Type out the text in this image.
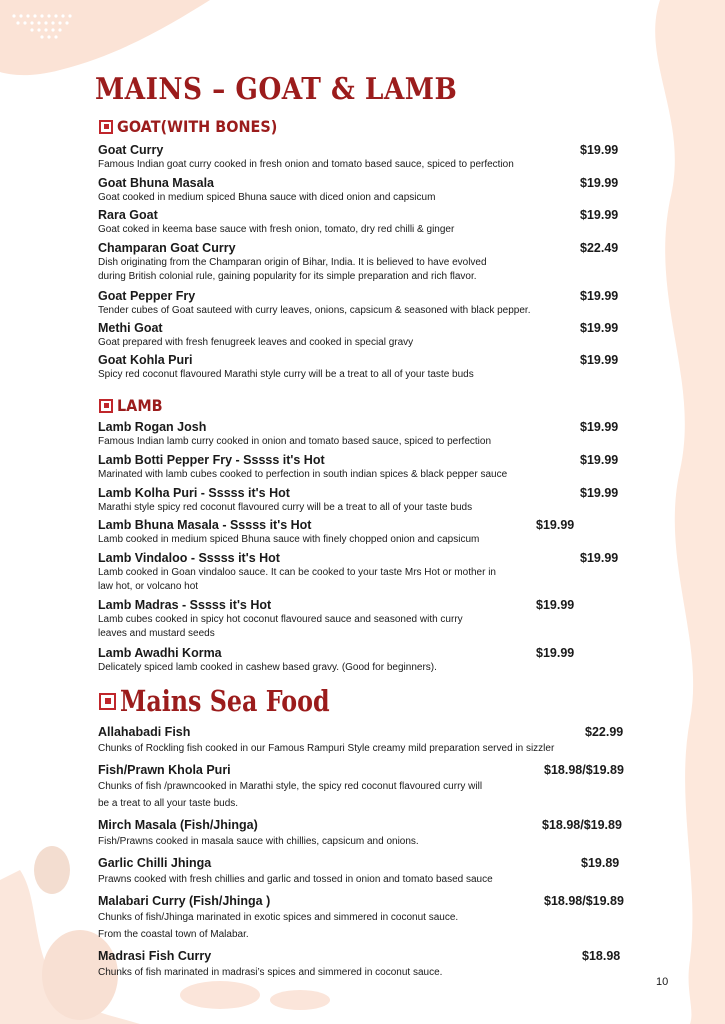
MAINS – GOAT & LAMB
GOAT(WITH BONES)
Goat Curry	$19.99
Famous Indian goat curry cooked in fresh onion and tomato based sauce, spiced to perfection
Goat Bhuna Masala	$19.99
Goat cooked in medium spiced Bhuna sauce with diced onion and capsicum
Rara Goat	$19.99
Goat coked in keema base sauce with fresh onion, tomato, dry red chilli & ginger
Champaran Goat Curry	$22.49
Dish originating from the Champaran origin of Bihar, India. It is believed to have evolved
during British colonial rule, gaining popularity for its simple preparation and rich flavor.
Goat Pepper Fry	$19.99
Tender cubes of Goat sauteed with curry leaves, onions, capsicum & seasoned with black pepper.
Methi Goat	$19.99
Goat prepared with fresh fenugreek leaves and cooked in special gravy
Goat Kohla Puri	$19.99
Spicy red coconut flavoured Marathi style curry will be a treat to all of your taste buds
LAMB
Lamb Rogan Josh	$19.99
Famous Indian lamb curry cooked in onion and tomato based sauce, spiced to perfection
Lamb Botti Pepper Fry - Sssss it's Hot	$19.99
Marinated with lamb cubes cooked to perfection in south indian spices & black pepper sauce
Lamb Kolha Puri - Sssss it's Hot	$19.99
Marathi style spicy red coconut flavoured curry will be a treat to all of your taste buds
Lamb Bhuna Masala - Sssss it's Hot	$19.99
Lamb cooked in medium spiced Bhuna sauce with finely chopped onion and capsicum
Lamb Vindaloo - Sssss it's Hot	$19.99
Lamb cooked in Goan vindaloo sauce. It can be cooked to your taste Mrs Hot or mother in
law hot, or volcano hot
Lamb Madras - Sssss it's Hot	$19.99
Lamb cubes cooked in spicy hot coconut flavoured sauce and seasoned with curry
leaves and mustard seeds
Lamb Awadhi Korma	$19.99
Delicately spiced lamb cooked in cashew based gravy. (Good for beginners).
Mains Sea Food
Allahabadi Fish	$22.99
Chunks of Rockling fish cooked in our Famous Rampuri Style creamy mild preparation served in sizzler
Fish/Prawn Khola Puri	$18.98/$19.89
Chunks of fish /prawncooked in Marathi style, the spicy red coconut flavoured curry will
be a treat to all your taste buds.
Mirch Masala (Fish/Jhinga)	$18.98/$19.89
Fish/Prawns cooked in masala sauce with chillies, capsicum and onions.
Garlic Chilli Jhinga	$19.89
Prawns cooked with fresh chillies and garlic and tossed in onion and tomato based sauce
Malabari Curry (Fish/Jhinga )	$18.98/$19.89
Chunks of fish/Jhinga marinated in exotic spices and simmered in coconut sauce.
From the coastal town of Malabar.
Madrasi Fish Curry	$18.98
Chunks of fish marinated in madrasi’s spices and simmered in coconut sauce.
10
